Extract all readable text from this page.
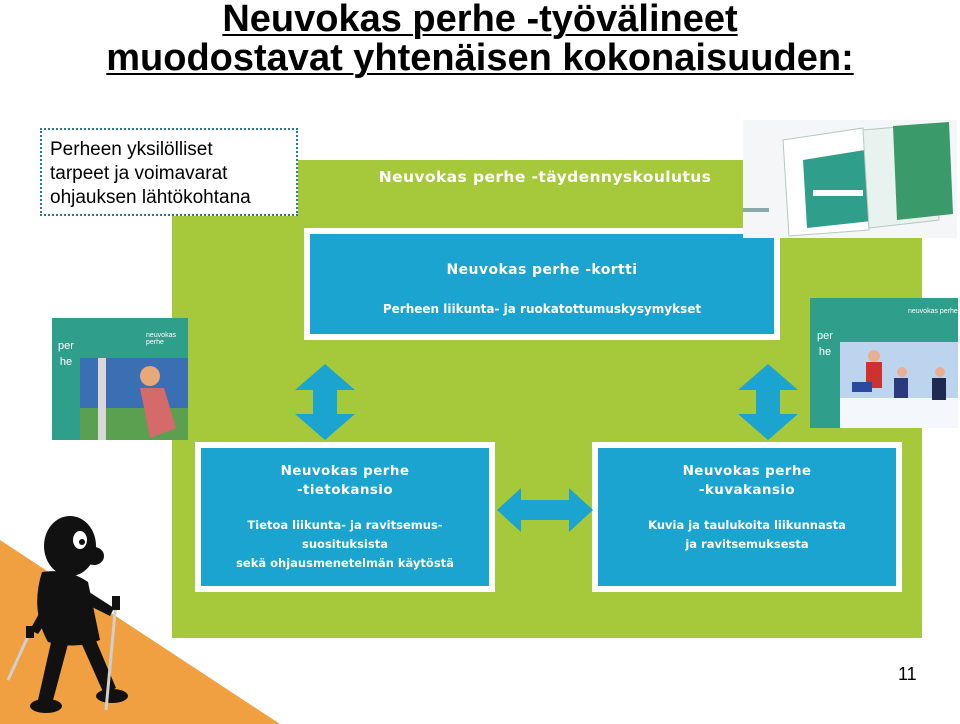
Neuvokas perhe -työvälineet
muodostavat yhtenäisen kokonaisuuden:
Neuvokas perhe -täydennyskoulutus
Neuvokas perhe -kortti
Perheen liikunta- ja ruokatottumuskysymykset
Neuvokas perhe
-tietokansio
Tietoa liikunta- ja ravitsemus-
suosituksista
sekä ohjausmenetelmän käytöstä
Neuvokas perhe
-kuvakansio
Kuvia ja taulukoita liikunnasta
ja ravitsemuksesta
Perheen yksilölliset
tarpeet ja voimavarat
ohjauksen lähtökohtana
perhe
neuvokas perhe
perhe
neuvokas perhe
11
